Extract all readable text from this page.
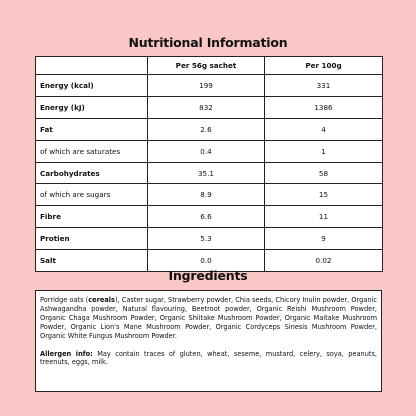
Nutritional Information
	Per 56g sachet	Per 100g
Energy (kcal)	199	331
Energy (kJ)	832	1386
Fat	2.6	4
of which are saturates	0.4	1
Carbohydrates	35.1	58
of which are sugars	8.9	15
Fibre	6.6	11
Protien	5.3	9
Salt	0.0	0.02
Ingredients

Porridge oats (cereals), Caster sugar, Strawberry powder, Chia seeds, Chicory Inulin powder, Organic Ashwagandha powder, Natural flavouring, Beetroot powder, Organic Reishi Mushroom Powder, Organic Chaga Mushroom Powder, Organic Shiitake Mushroom Powder, Organic Maitake Mushroom Powder, Organic Lion's Mane Mushroom Powder, Organic Cordyceps Sinesis Mushroom Powder, Organic White Fungus Mushroom Powder.

Allergen info: May contain traces of gluten, wheat, seseme, mustard, celery, soya, peanuts, treenuts, eggs, milk.
